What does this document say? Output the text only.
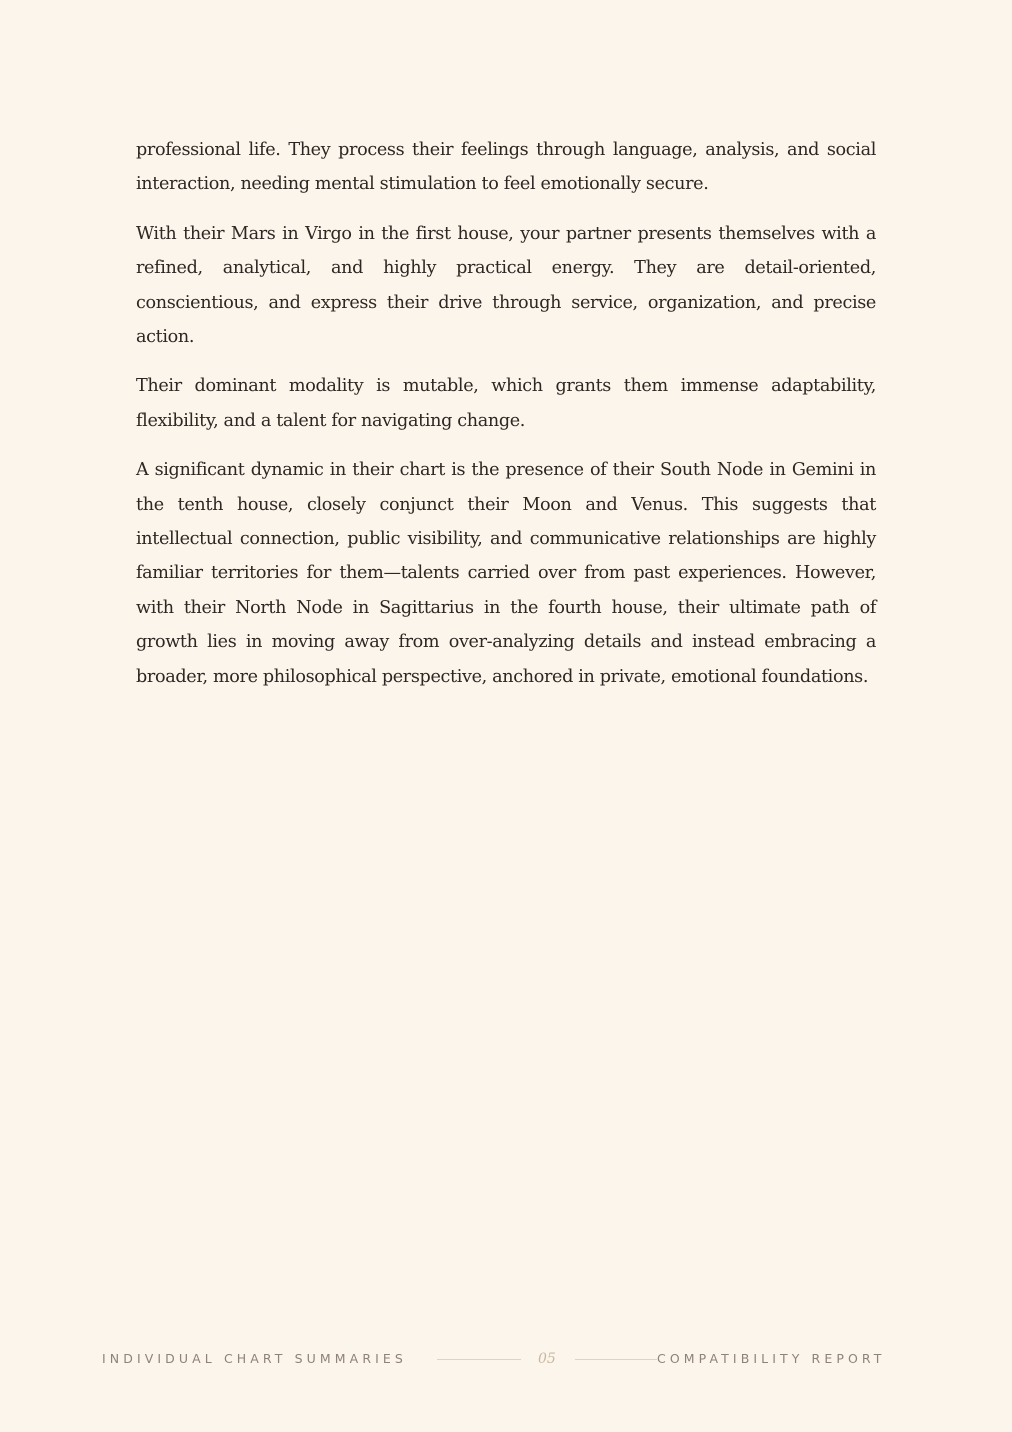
professional life. They process their feelings through language, analysis, and social interaction, needing mental stimulation to feel emotionally secure.

With their Mars in Virgo in the first house, your partner presents themselves with a refined, analytical, and highly practical energy. They are detail-oriented, conscientious, and express their drive through service, organization, and precise action.

Their dominant modality is mutable, which grants them immense adaptability, flexibility, and a talent for navigating change.

A significant dynamic in their chart is the presence of their South Node in Gemini in the tenth house, closely conjunct their Moon and Venus. This suggests that intellectual connection, public visibility, and communicative relationships are highly familiar territories for them—talents carried over from past experiences. However, with their North Node in Sagittarius in the fourth house, their ultimate path of growth lies in moving away from over-analyzing details and instead embracing a broader, more philosophical perspective, anchored in private, emotional foundations.

INDIVIDUAL CHART SUMMARIES	05	COMPATIBILITY REPORT
